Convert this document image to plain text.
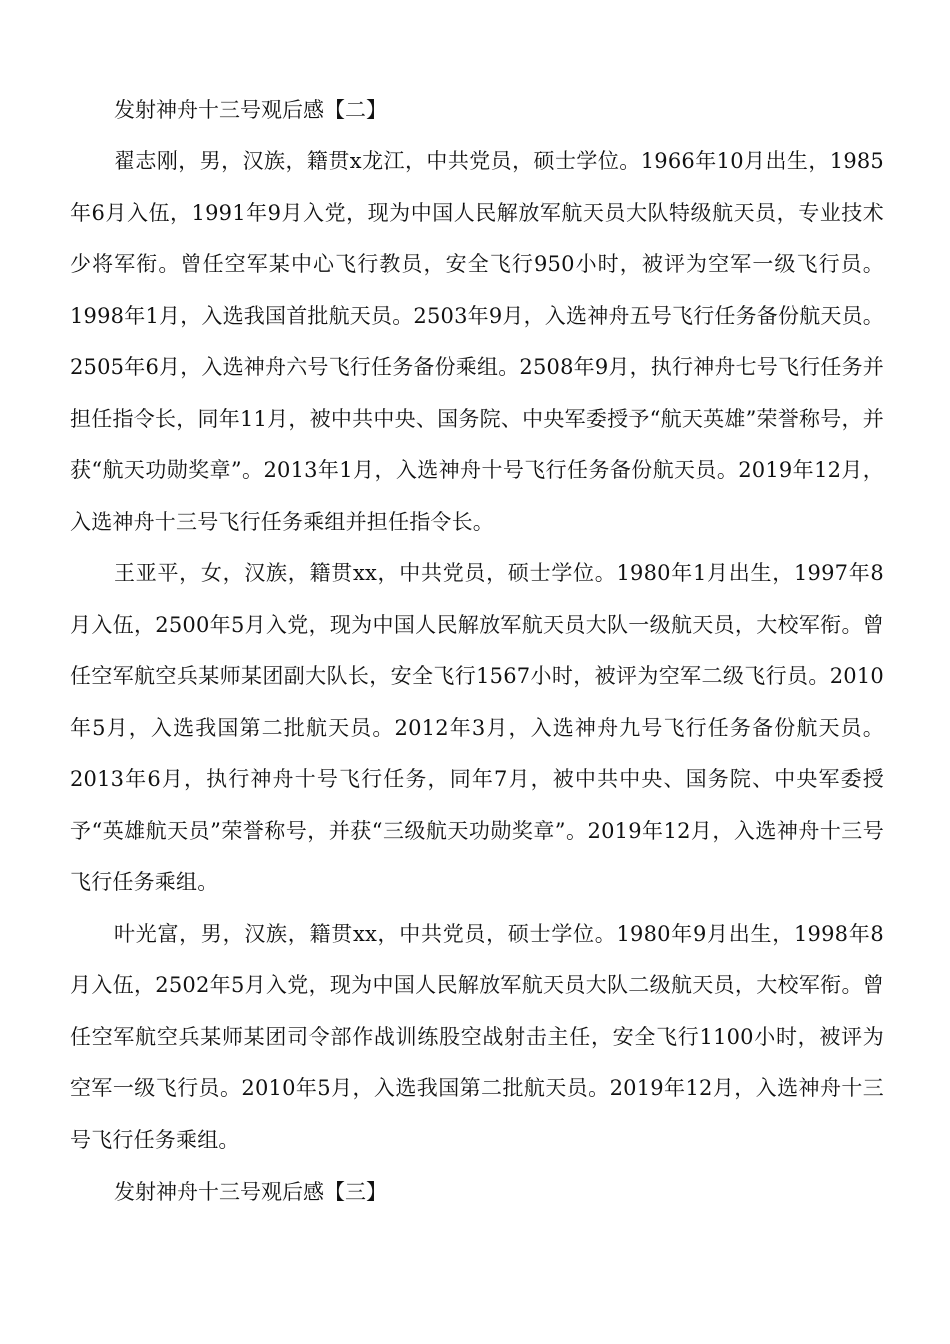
发射神舟十三号观后感【二】

翟志刚，男，汉族，籍贯x龙江，中共党员，硕士学位。1966年10月出生，1985年6月入伍，1991年9月入党，现为中国人民解放军航天员大队特级航天员，专业技术少将军衔。曾任空军某中心飞行教员，安全飞行950小时，被评为空军一级飞行员。1998年1月，入选我国首批航天员。2503年9月，入选神舟五号飞行任务备份航天员。2505年6月，入选神舟六号飞行任务备份乘组。2508年9月，执行神舟七号飞行任务并担任指令长，同年11月，被中共中央、国务院、中央军委授予“航天英雄”荣誉称号，并获“航天功勋奖章”。2013年1月，入选神舟十号飞行任务备份航天员。2019年12月，入选神舟十三号飞行任务乘组并担任指令长。

王亚平，女，汉族，籍贯xx，中共党员，硕士学位。1980年1月出生，1997年8月入伍，2500年5月入党，现为中国人民解放军航天员大队一级航天员，大校军衔。曾任空军航空兵某师某团副大队长，安全飞行1567小时，被评为空军二级飞行员。2010年5月，入选我国第二批航天员。2012年3月，入选神舟九号飞行任务备份航天员。2013年6月，执行神舟十号飞行任务，同年7月，被中共中央、国务院、中央军委授予“英雄航天员”荣誉称号，并获“三级航天功勋奖章”。2019年12月，入选神舟十三号飞行任务乘组。

叶光富，男，汉族，籍贯xx，中共党员，硕士学位。1980年9月出生，1998年8月入伍，2502年5月入党，现为中国人民解放军航天员大队二级航天员，大校军衔。曾任空军航空兵某师某团司令部作战训练股空战射击主任，安全飞行1100小时，被评为空军一级飞行员。2010年5月，入选我国第二批航天员。2019年12月，入选神舟十三号飞行任务乘组。

发射神舟十三号观后感【三】
